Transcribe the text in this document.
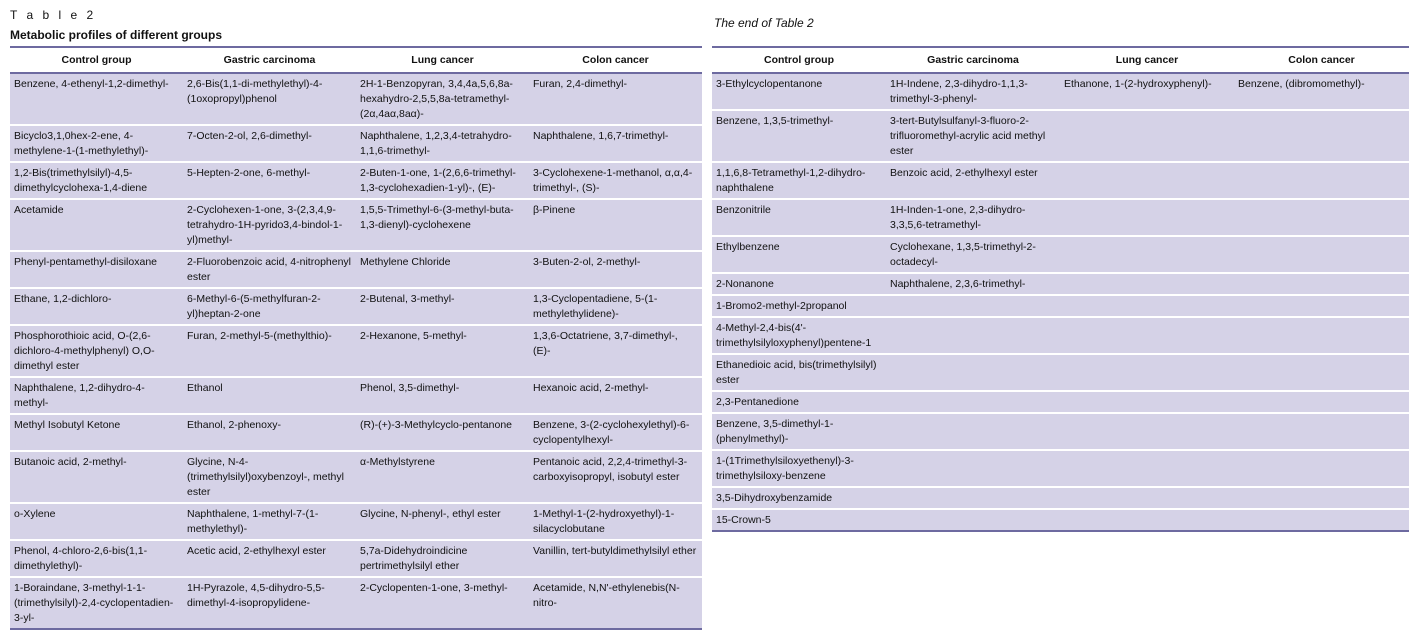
T a b l e 2
Metabolic profiles of different groups
Control group	Gastric carcinoma	Lung cancer	Colon cancer
Benzene, 4-ethenyl-1,2-dimethyl-	2,6-Bis(1,1-di-methylethyl)-4-(1oxopropyl)phenol	2H-1-Benzopyran, 3,4,4a,5,6,8a-hexahydro-2,5,5,8a-tetramethyl-(2α,4aα,8aα)-	Furan, 2,4-dimethyl-
Bicyclo3,1,0hex-2-ene, 4-methylene-1-(1-methylethyl)-	7-Octen-2-ol, 2,6-dimethyl-	Naphthalene, 1,2,3,4-tetrahydro-1,1,6-trimethyl-	Naphthalene, 1,6,7-trimethyl-
1,2-Bis(trimethylsilyl)-4,5-dimethylcyclohexa-1,4-diene	5-Hepten-2-one, 6-methyl-	2-Buten-1-one, 1-(2,6,6-trimethyl-1,3-cyclohexadien-1-yl)-, (E)-	3-Cyclohexene-1-methanol, α,α,4-trimethyl-, (S)-
Acetamide	2-Cyclohexen-1-one, 3-(2,3,4,9-tetrahydro-1H-pyrido3,4-bindol-1-yl)methyl-	1,5,5-Trimethyl-6-(3-methyl-buta-1,3-dienyl)-cyclohexene	β-Pinene
Phenyl-pentamethyl-disiloxane	2-Fluorobenzoic acid, 4-nitrophenyl ester	Methylene Chloride	3-Buten-2-ol, 2-methyl-
Ethane, 1,2-dichloro-	6-Methyl-6-(5-methylfuran-2-yl)heptan-2-one	2-Butenal, 3-methyl-	1,3-Cyclopentadiene, 5-(1-methylethylidene)-
Phosphorothioic acid, O-(2,6-dichloro-4-methylphenyl) O,O-dimethyl ester	Furan, 2-methyl-5-(methylthio)-	2-Hexanone, 5-methyl-	1,3,6-Octatriene, 3,7-dimethyl-, (E)-
Naphthalene, 1,2-dihydro-4-methyl-	Ethanol	Phenol, 3,5-dimethyl-	Hexanoic acid, 2-methyl-
Methyl Isobutyl Ketone	Ethanol, 2-phenoxy-	(R)-(+)-3-Methylcyclo-pentanone	Benzene, 3-(2-cyclohexylethyl)-6-cyclopentylhexyl-
Butanoic acid, 2-methyl-	Glycine, N-4-(trimethylsilyl)oxybenzoyl-, methyl ester	α-Methylstyrene	Pentanoic acid, 2,2,4-trimethyl-3-carboxyisopropyl, isobutyl ester
o-Xylene	Naphthalene, 1-methyl-7-(1-methylethyl)-	Glycine, N-phenyl-, ethyl ester	1-Methyl-1-(2-hydroxyethyl)-1-silacyclobutane
Phenol, 4-chloro-2,6-bis(1,1-dimethylethyl)-	Acetic acid, 2-ethylhexyl ester	5,7a-Didehydroindicine pertrimethylsilyl ether	Vanillin, tert-butyldimethylsilyl ether
1-Boraindane, 3-methyl-1-1-(trimethylsilyl)-2,4-cyclopentadien-3-yl-	1H-Pyrazole, 4,5-dihydro-5,5-dimethyl-4-isopropylidene-	2-Cyclopenten-1-one, 3-methyl-	Acetamide, N,N'-ethylenebis(N-nitro-
The end of Table 2
Control group	Gastric carcinoma	Lung cancer	Colon cancer
3-Ethylcyclopentanone	1H-Indene, 2,3-dihydro-1,1,3-trimethyl-3-phenyl-	Ethanone, 1-(2-hydroxyphenyl)-	Benzene, (dibromomethyl)-
Benzene, 1,3,5-trimethyl-	3-tert-Butylsulfanyl-3-fluoro-2-trifluoromethyl-acrylic acid methyl ester		
1,1,6,8-Tetramethyl-1,2-dihydro-naphthalene	Benzoic acid, 2-ethylhexyl ester		
Benzonitrile	1H-Inden-1-one, 2,3-dihydro-3,3,5,6-tetramethyl-		
Ethylbenzene	Cyclohexane, 1,3,5-trimethyl-2-octadecyl-		
2-Nonanone	Naphthalene, 2,3,6-trimethyl-		
1-Bromo2-methyl-2propanol			
4-Methyl-2,4-bis(4'-trimethylsilyloxyphenyl)pentene-1			
Ethanedioic acid, bis(trimethylsilyl) ester			
2,3-Pentanedione			
Benzene, 3,5-dimethyl-1-(phenylmethyl)-			
1-(1Trimethylsiloxyethenyl)-3-trimethylsiloxy-benzene			
3,5-Dihydroxybenzamide			
15-Crown-5			
